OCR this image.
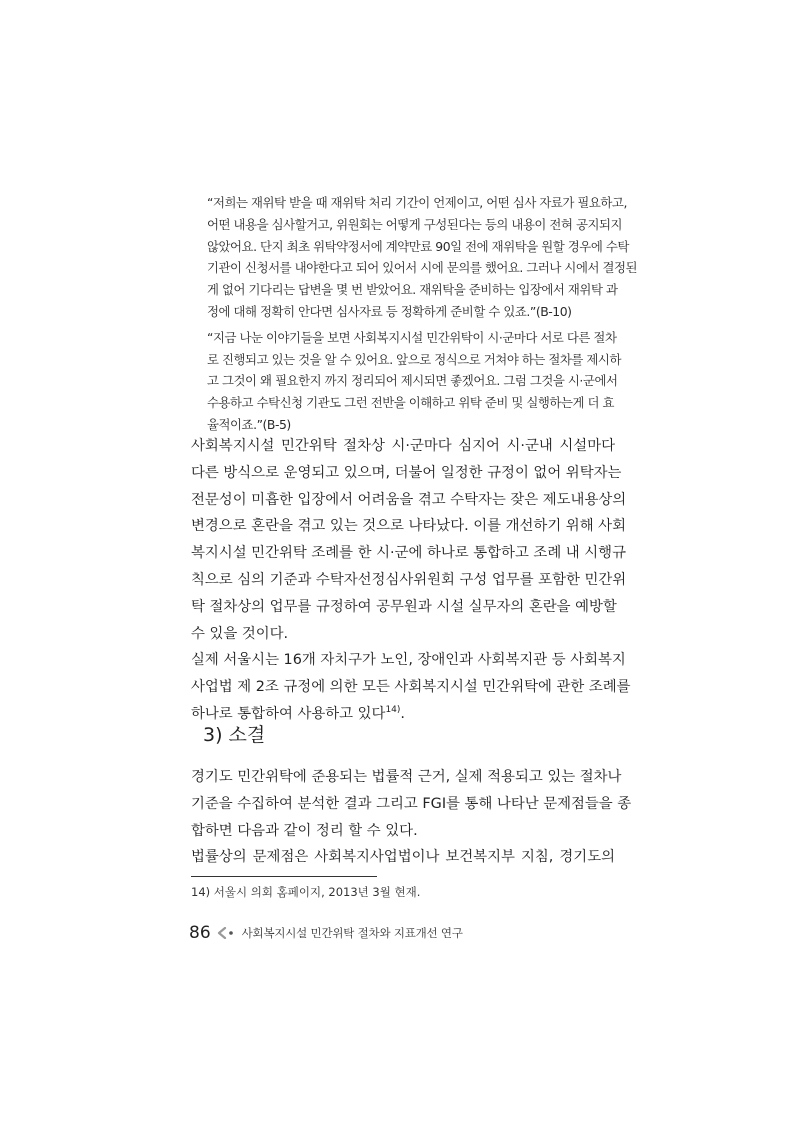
“저희는 재위탁 받을 때 재위탁 처리 기간이 언제이고, 어떤 심사 자료가 필요하고,
어떤 내용을 심사할거고, 위원회는 어떻게 구성된다는 등의 내용이 전혀 공지되지
않았어요. 단지 최초 위탁약정서에 계약만료 90일 전에 재위탁을 원할 경우에 수탁
기관이 신청서를 내야한다고 되어 있어서 시에 문의를 했어요. 그러나 시에서 결정된
게 없어 기다리는 답변을 몇 번 받았어요. 재위탁을 준비하는 입장에서 재위탁 과
정에 대해 정확히 안다면 심사자료 등 정확하게 준비할 수 있죠.”(B-10)
“지금 나눈 이야기들을 보면 사회복지시설 민간위탁이 시·군마다 서로 다른 절차
로 진행되고 있는 것을 알 수 있어요. 앞으로 정식으로 거쳐야 하는 절차를 제시하
고 그것이 왜 필요한지 까지 정리되어 제시되면 좋겠어요. 그럼 그것을 시·군에서
수용하고 수탁신청 기관도 그런 전반을 이해하고 위탁 준비 및 실행하는게 더 효
율적이죠.”(B-5)
사회복지시설 민간위탁 절차상 시·군마다 심지어 시·군내 시설마다
다른 방식으로 운영되고 있으며, 더불어 일정한 규정이 없어 위탁자는
전문성이 미흡한 입장에서 어려움을 겪고 수탁자는 잦은 제도내용상의
변경으로 혼란을 겪고 있는 것으로 나타났다. 이를 개선하기 위해 사회
복지시설 민간위탁 조례를 한 시·군에 하나로 통합하고 조례 내 시행규
칙으로 심의 기준과 수탁자선정심사위원회 구성 업무를 포함한 민간위
탁 절차상의 업무를 규정하여 공무원과 시설 실무자의 혼란을 예방할
수 있을 것이다.
실제 서울시는 16개 자치구가 노인, 장애인과 사회복지관 등 사회복지
사업법 제 2조 규정에 의한 모든 사회복지시설 민간위탁에 관한 조례를
하나로 통합하여 사용하고 있다$^{14)}$.
3) 소결
경기도 민간위탁에 준용되는 법률적 근거, 실제 적용되고 있는 절차나
기준을 수집하여 분석한 결과 그리고 FGI를 통해 나타난 문제점들을 종
합하면 다음과 같이 정리 할 수 있다.
법률상의 문제점은 사회복지사업법이나 보건복지부 지침, 경기도의
14) 서울시 의회 홈페이지, 2013년 3월 현재.
86	사회복지시설 민간위탁 절차와 지표개선 연구
